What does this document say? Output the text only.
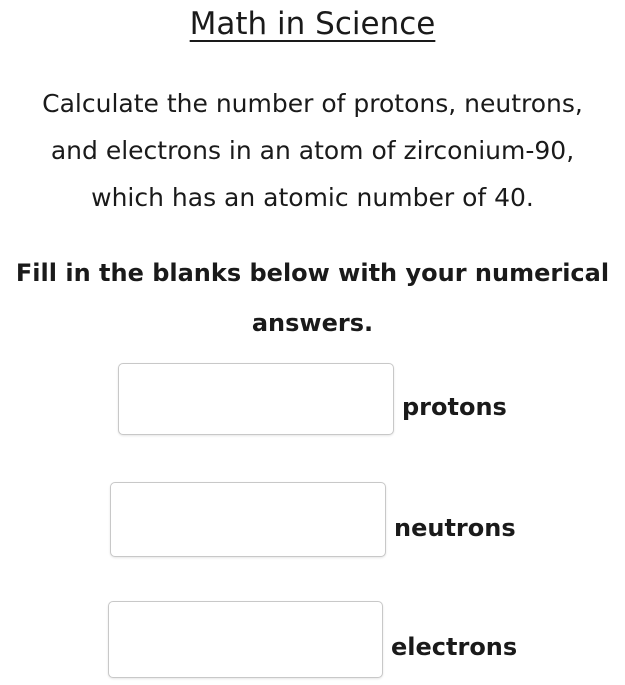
Math in Science
Calculate the number of protons, neutrons,
and electrons in an atom of zirconium-90,
which has an atomic number of 40.
Fill in the blanks below with your numerical
answers.
protons
neutrons
electrons
